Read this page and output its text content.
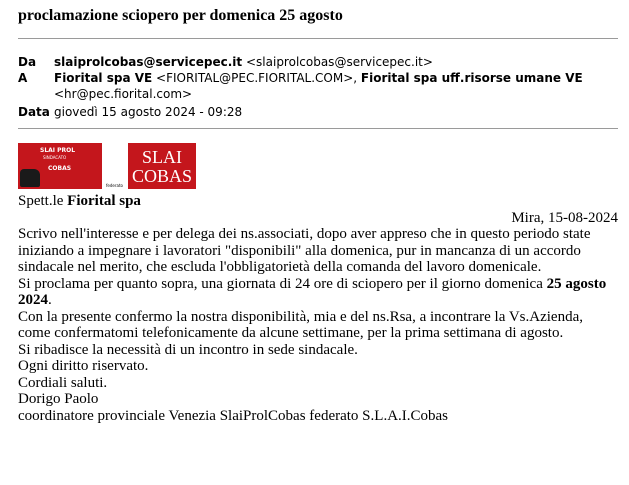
proclamazione sciopero per domenica 25 agosto
Da slaiprolcobas@servicepec.it <slaiprolcobas@servicepec.it>
A Fiorital spa VE <FIORITAL@PEC.FIORITAL.COM>, Fiorital spa uff.risorse umane VE
<hr@pec.fiorital.com>
Data giovedì 15 agosto 2024 - 09:28
SLAI PROL
SINDACATO
COBAS
federato
SLAI
COBAS

Spett.le Fiorital spa

Mira, 15-08-2024

Scrivo nell'interesse e per delega dei ns.associati, dopo aver appreso che in questo periodo state iniziando a impegnare i lavoratori "disponibili" alla domenica, pur in mancanza di un accordo sindacale nel merito, che escluda l'obbligatorietà della comanda del lavoro domenicale.

Si proclama per quanto sopra, una giornata di 24 ore di sciopero per il giorno domenica 25 agosto  2024.

Con la presente confermo la nostra disponibilità, mia e del ns.Rsa, a incontrare la Vs.Azienda, come confermatomi telefonicamente da alcune settimane, per la prima settimana di agosto.

Si ribadisce la necessità di un incontro in sede sindacale.

Ogni diritto riservato.

Cordiali saluti.

Dorigo Paolo

coordinatore provinciale Venezia SlaiProlCobas federato S.L.A.I.Cobas
